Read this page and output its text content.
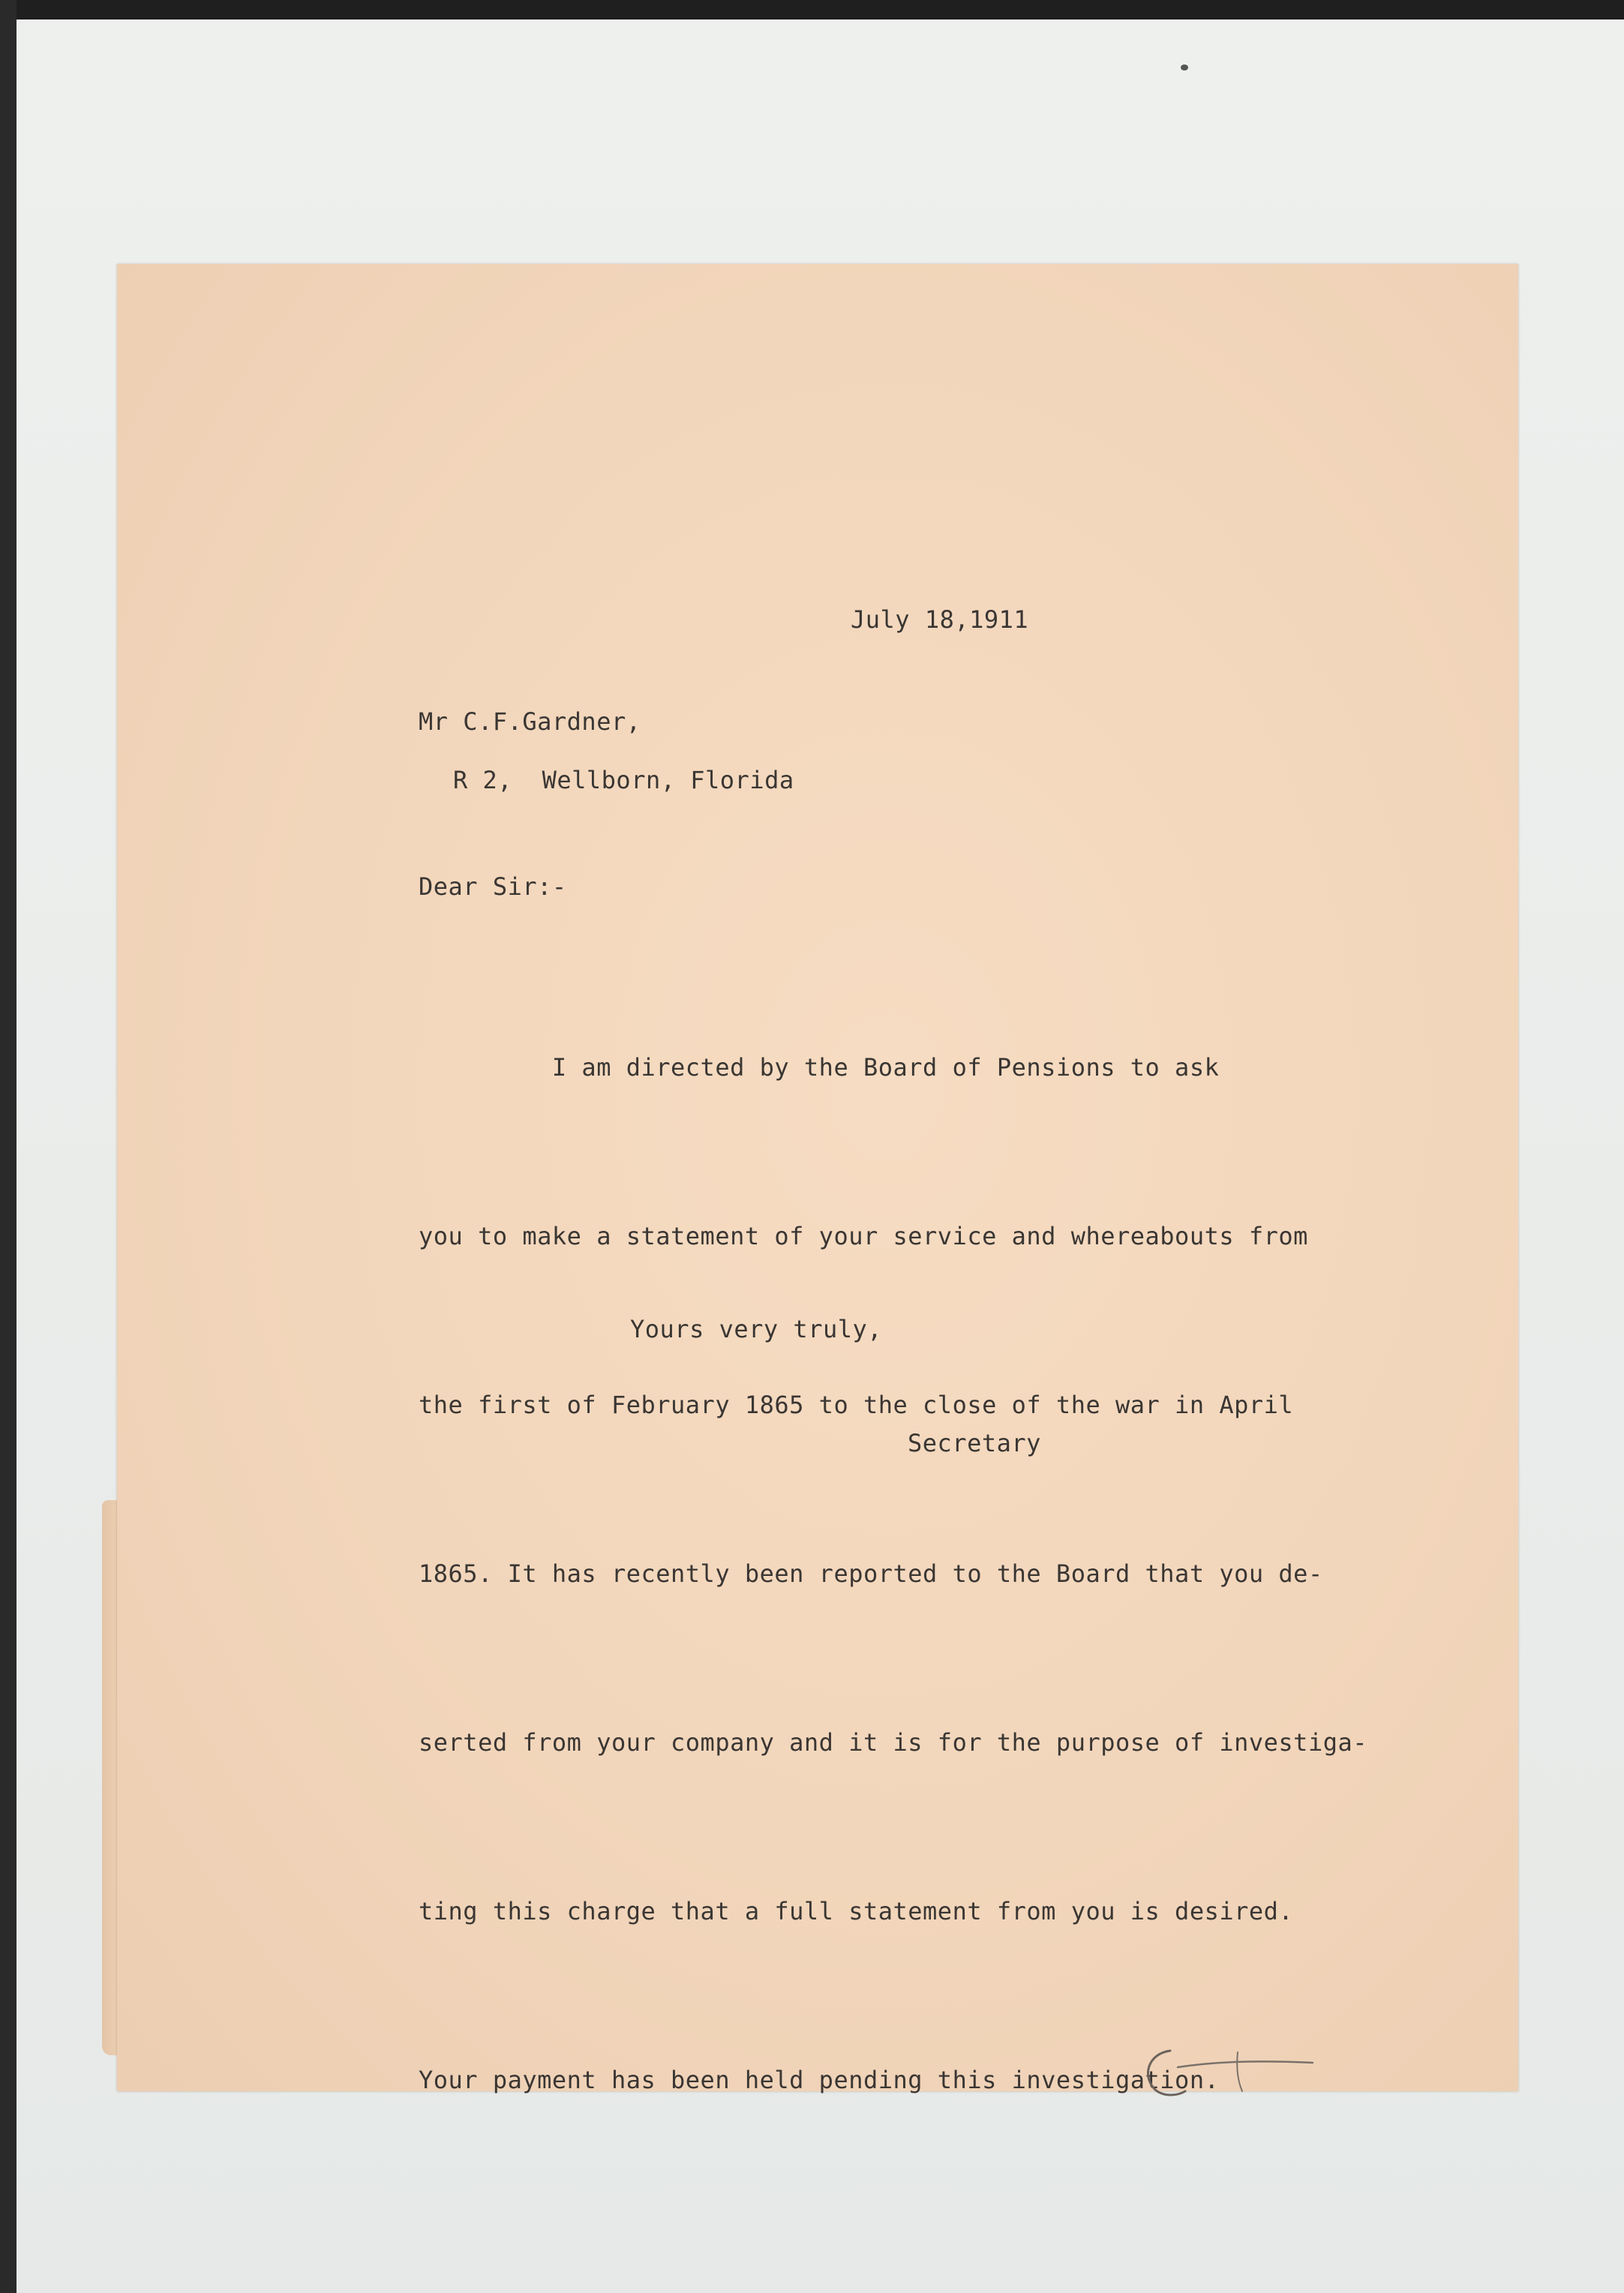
July 18,1911
Mr C.F.Gardner,
R 2,  Wellborn, Florida
Dear Sir:-

I am directed by the Board of Pensions to ask

you to make a statement of your service and whereabouts from

the first of February 1865 to the close of the war in April

1865. It has recently been reported to the Board that you de-

serted from your company and it is for the purpose of investiga-

ting this charge that a full statement from you is desired.

Your payment has been held pending this investigation.

Yours very truly,
Secretary
